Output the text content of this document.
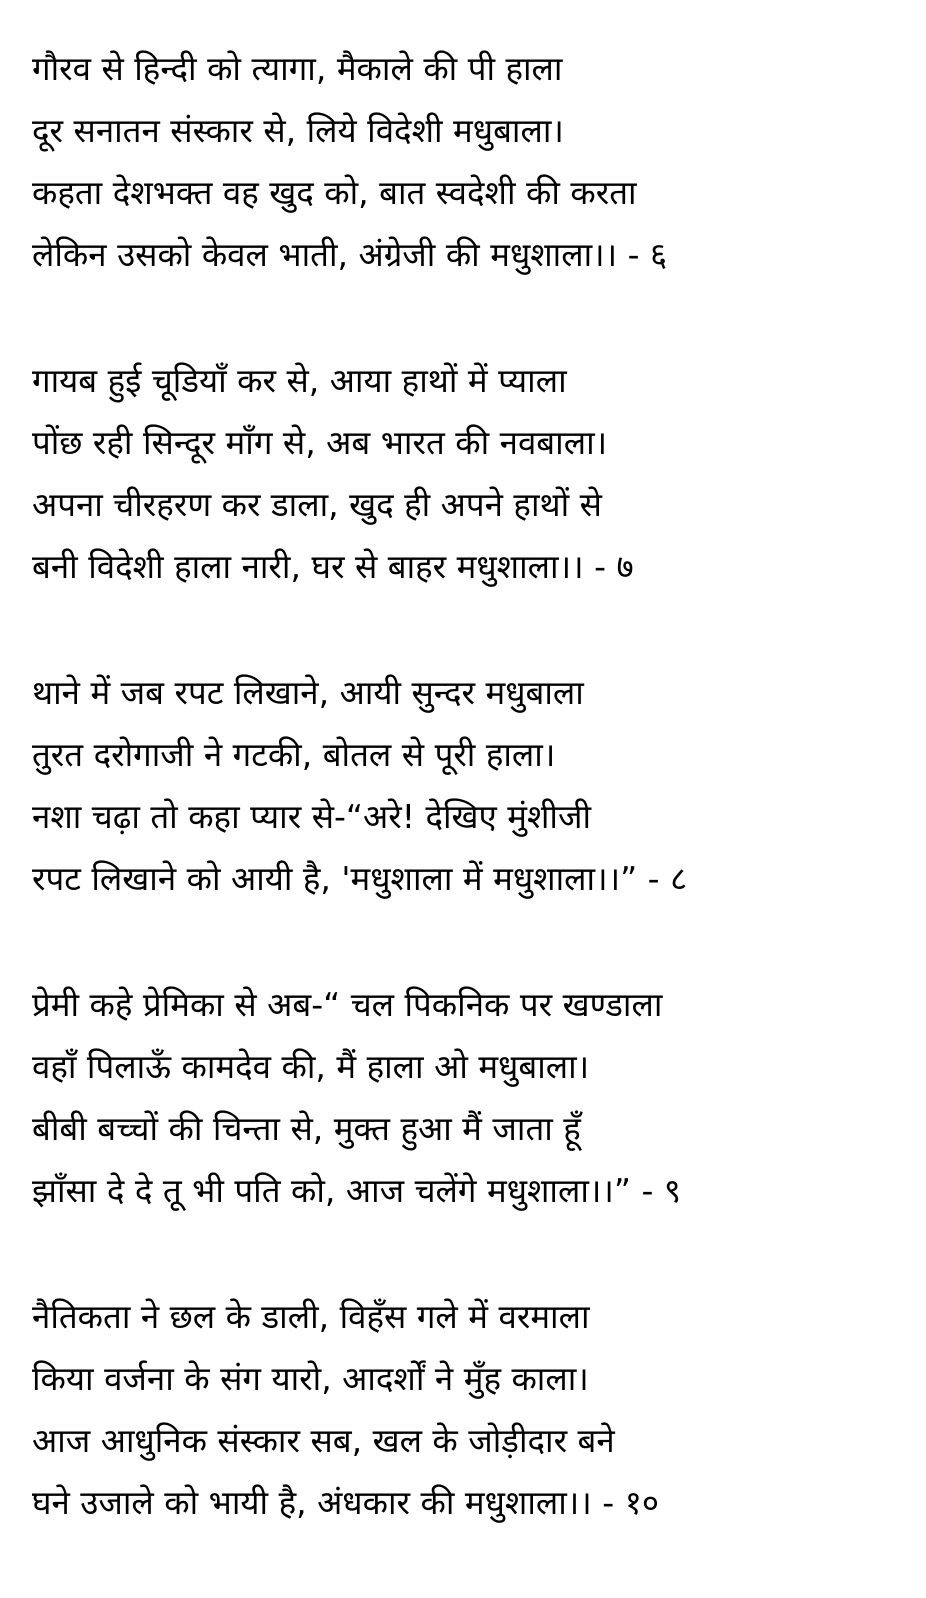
गौरव से हिन्दी को त्यागा, मैकाले की पी हाला
दूर सनातन संस्कार से, लिये विदेशी मधुबाला।
कहता देशभक्त वह खुद को, बात स्वदेशी की करता
लेकिन उसको केवल भाती, अंग्रेजी की मधुशाला।। - ६
गायब हुई चूडियाँ कर से, आया हाथों में प्याला
पोंछ रही सिन्दूर माँग से, अब भारत की नवबाला।
अपना चीरहरण कर डाला, खुद ही अपने हाथों से
बनी विदेशी हाला नारी, घर से बाहर मधुशाला।। - ७
थाने में जब रपट लिखाने, आयी सुन्दर मधुबाला
तुरत दरोगाजी ने गटकी, बोतल से पूरी हाला।
नशा चढ़ा तो कहा प्यार से-“अरे! देखिए मुंशीजी
रपट लिखाने को आयी है, 'मधुशाला में मधुशाला।।” - ८
प्रेमी कहे प्रेमिका से अब-“ चल पिकनिक पर खण्डाला
वहाँ पिलाऊँ कामदेव की, मैं हाला ओ मधुबाला।
बीबी बच्चों की चिन्ता से, मुक्त हुआ मैं जाता हूँ
झाँसा दे दे तू भी पति को, आज चलेंगे मधुशाला।।” - ९
नैतिकता ने छल के डाली, विहँस गले में वरमाला
किया वर्जना के संग यारो, आदर्शों ने मुँह काला।
आज आधुनिक संस्कार सब, खल के जोड़ीदार बने
घने उजाले को भायी है, अंधकार की मधुशाला।। - १०
